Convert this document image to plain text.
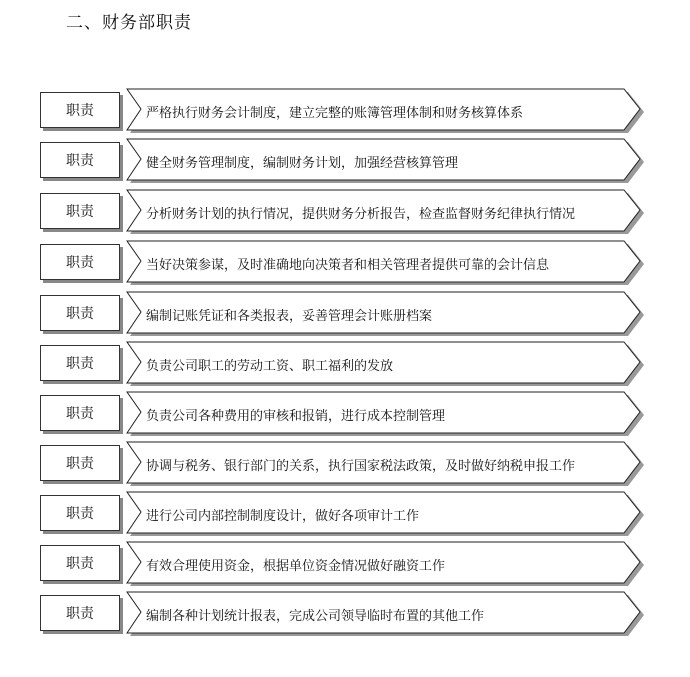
二、财务部职责
职责	严格执行财务会计制度，建立完整的账簿管理体制和财务核算体系
职责	健全财务管理制度，编制财务计划，加强经营核算管理
职责	分析财务计划的执行情况，提供财务分析报告，检查监督财务纪律执行情况
职责	当好决策参谋，及时准确地向决策者和相关管理者提供可靠的会计信息
职责	编制记账凭证和各类报表，妥善管理会计账册档案
职责	负责公司职工的劳动工资、职工福利的发放
职责	负责公司各种费用的审核和报销，进行成本控制管理
职责	协调与税务、银行部门的关系，执行国家税法政策，及时做好纳税申报工作
职责	进行公司内部控制制度设计，做好各项审计工作
职责	有效合理使用资金，根据单位资金情况做好融资工作
职责	编制各种计划统计报表，完成公司领导临时布置的其他工作
